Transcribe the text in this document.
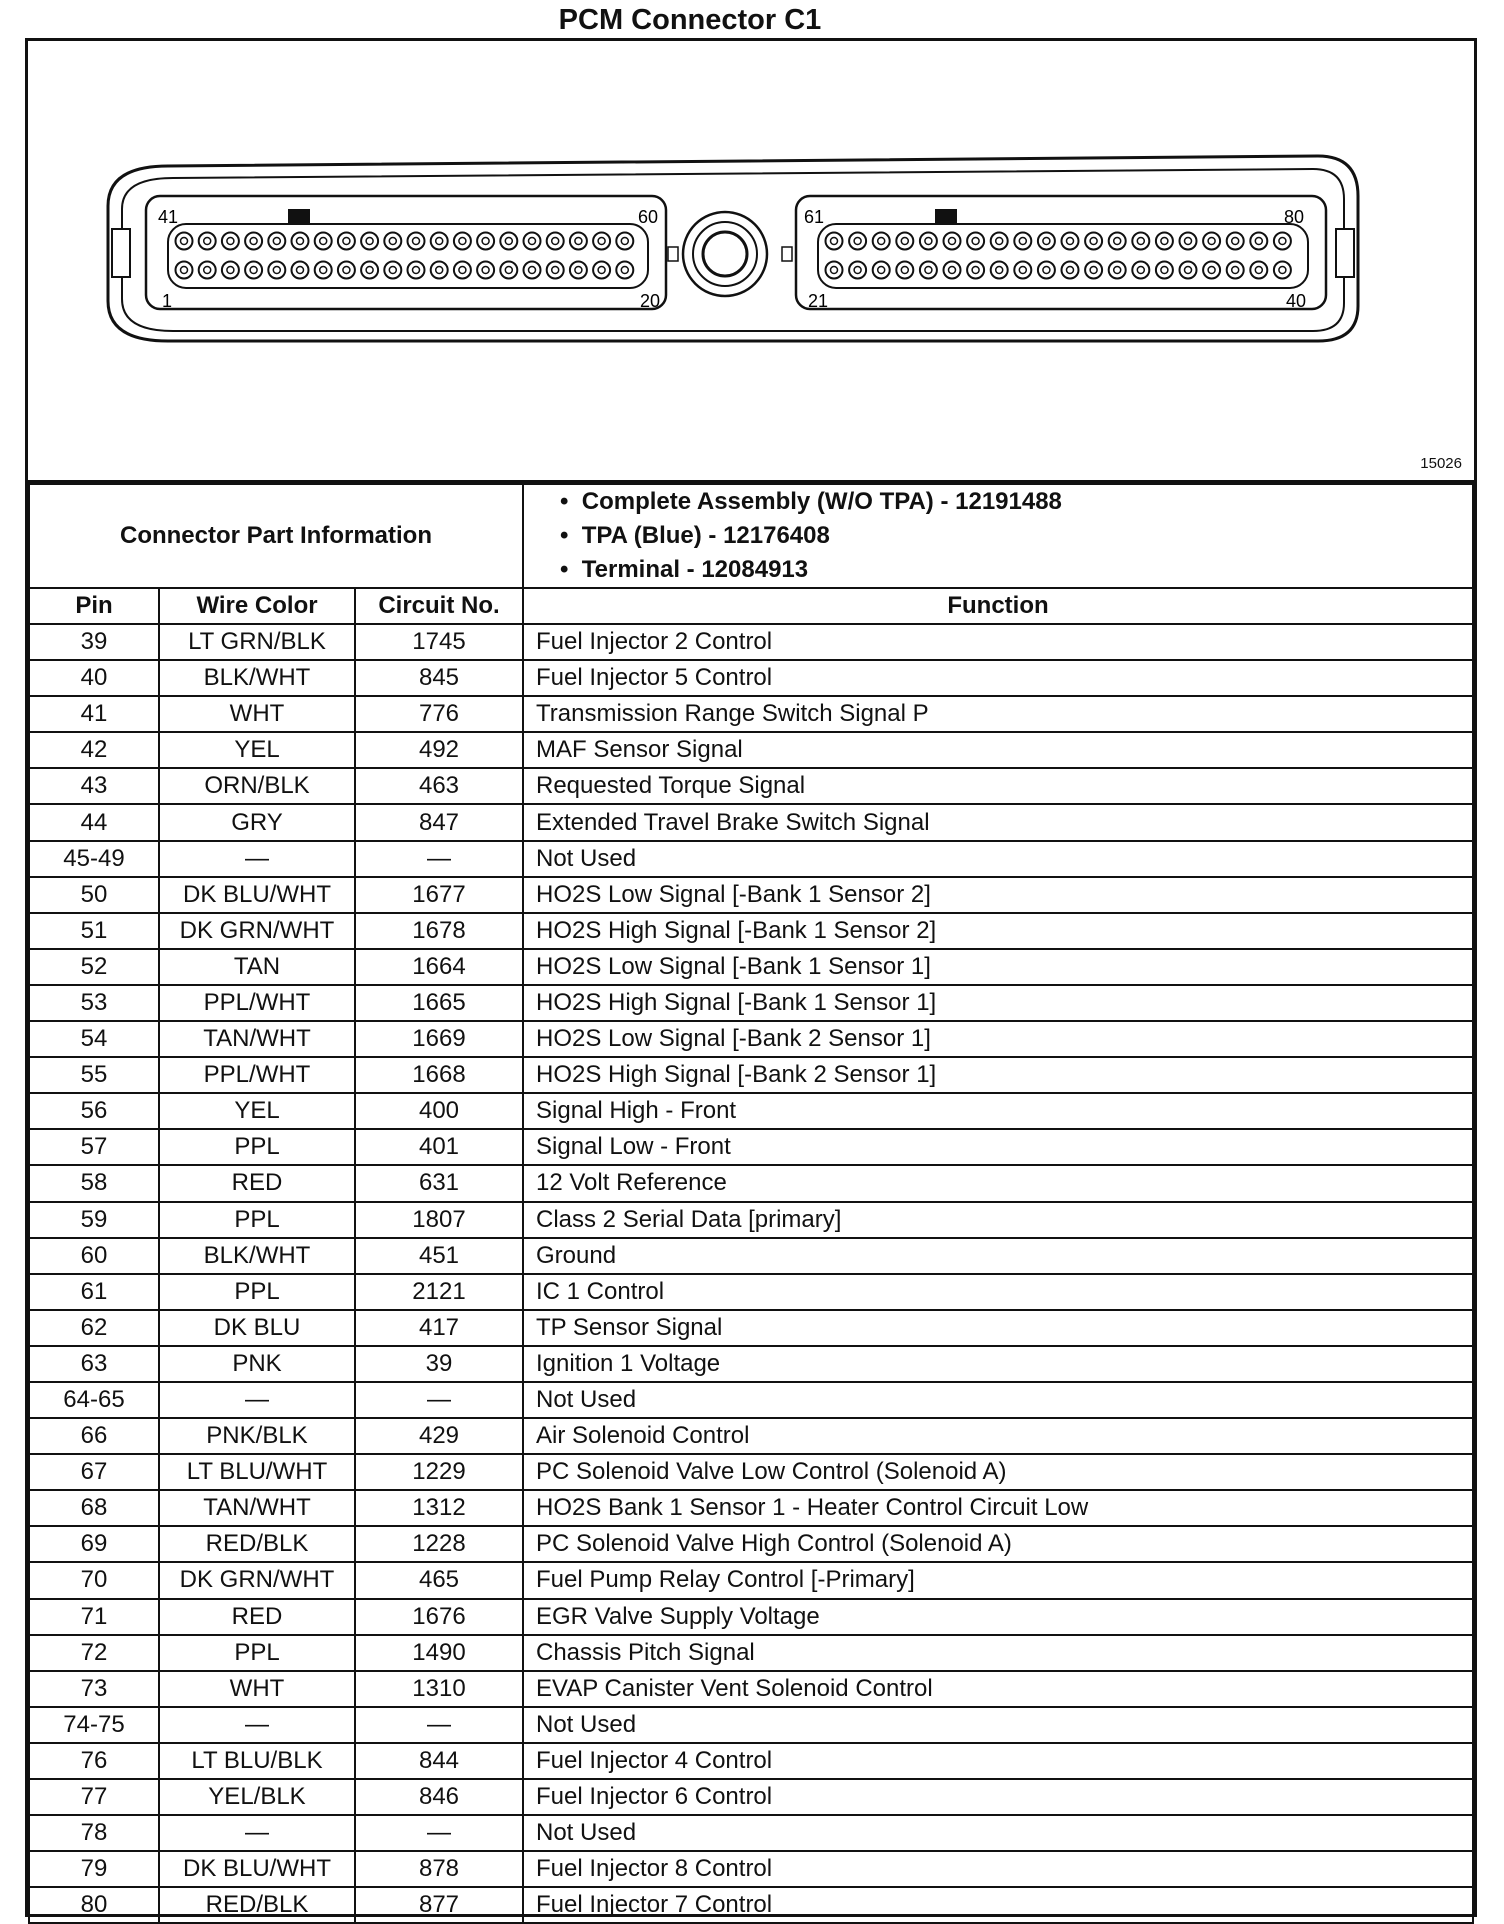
PCM Connector C1
41	60
1	20
61	80
21	40
15026
Connector Part Information			•  Complete Assembly (W/O TPA) - 12191488
•  TPA (Blue) - 12176408
•  Terminal - 12084913

Pin	Wire Color	Circuit No.	Function
39	LT GRN/BLK	1745	Fuel Injector 2 Control
40	BLK/WHT	845	Fuel Injector 5 Control
41	WHT	776	Transmission Range Switch Signal P
42	YEL	492	MAF Sensor Signal
43	ORN/BLK	463	Requested Torque Signal
44	GRY	847	Extended Travel Brake Switch Signal
45-49	—	—	Not Used
50	DK BLU/WHT	1677	HO2S Low Signal [-Bank 1 Sensor 2]
51	DK GRN/WHT	1678	HO2S High Signal [-Bank 1 Sensor 2]
52	TAN	1664	HO2S Low Signal [-Bank 1 Sensor 1]
53	PPL/WHT	1665	HO2S High Signal [-Bank 1 Sensor 1]
54	TAN/WHT	1669	HO2S Low Signal [-Bank 2 Sensor 1]
55	PPL/WHT	1668	HO2S High Signal [-Bank 2 Sensor 1]
56	YEL	400	Signal High - Front
57	PPL	401	Signal Low - Front
58	RED	631	12 Volt Reference
59	PPL	1807	Class 2 Serial Data [primary]
60	BLK/WHT	451	Ground
61	PPL	2121	IC 1 Control
62	DK BLU	417	TP Sensor Signal
63	PNK	39	Ignition 1 Voltage
64-65	—	—	Not Used
66	PNK/BLK	429	Air Solenoid Control
67	LT BLU/WHT	1229	PC Solenoid Valve Low Control (Solenoid A)
68	TAN/WHT	1312	HO2S Bank 1 Sensor 1 - Heater Control Circuit Low
69	RED/BLK	1228	PC Solenoid Valve High Control (Solenoid A)
70	DK GRN/WHT	465	Fuel Pump Relay Control [-Primary]
71	RED	1676	EGR Valve Supply Voltage
72	PPL	1490	Chassis Pitch Signal
73	WHT	1310	EVAP Canister Vent Solenoid Control
74-75	—	—	Not Used
76	LT BLU/BLK	844	Fuel Injector 4 Control
77	YEL/BLK	846	Fuel Injector 6 Control
78	—	—	Not Used
79	DK BLU/WHT	878	Fuel Injector 8 Control
80	RED/BLK	877	Fuel Injector 7 Control
